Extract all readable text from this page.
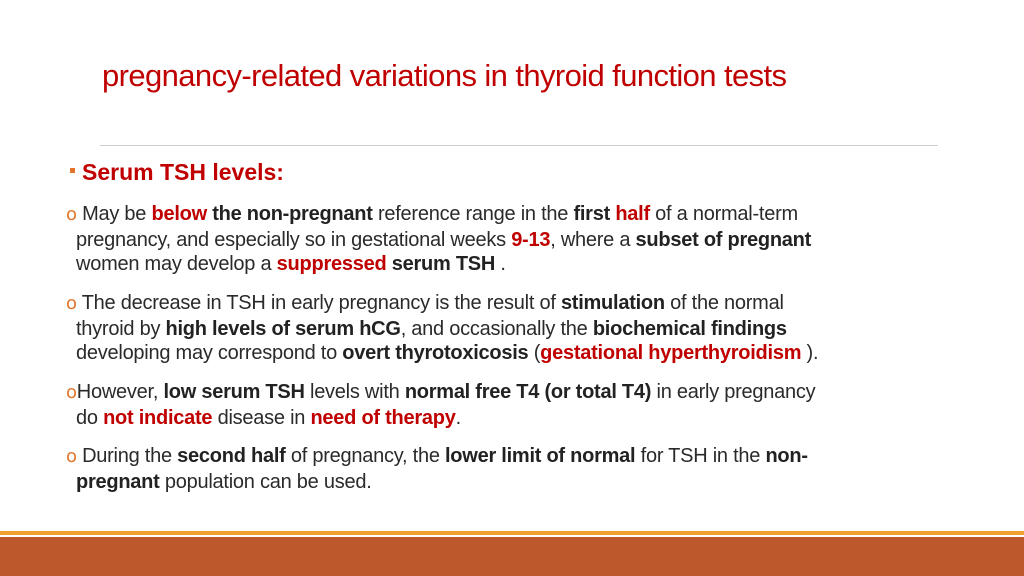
pregnancy-related variations in thyroid function tests
Serum TSH levels:
o May be below the non-pregnant reference range in the first half of a normal-term
pregnancy, and especially so in gestational weeks 9-13, where a subset of pregnant
women may develop a suppressed serum TSH .
o The decrease in TSH in early pregnancy is the result of stimulation of the normal
thyroid by high levels of serum hCG, and occasionally the biochemical findings
developing may correspond to overt thyrotoxicosis (gestational hyperthyroidism ).
oHowever, low serum TSH levels with normal free T4 (or total T4) in early pregnancy
do not indicate disease in need of therapy.
o During the second half of pregnancy, the lower limit of normal for TSH in the non-
pregnant population can be used.
